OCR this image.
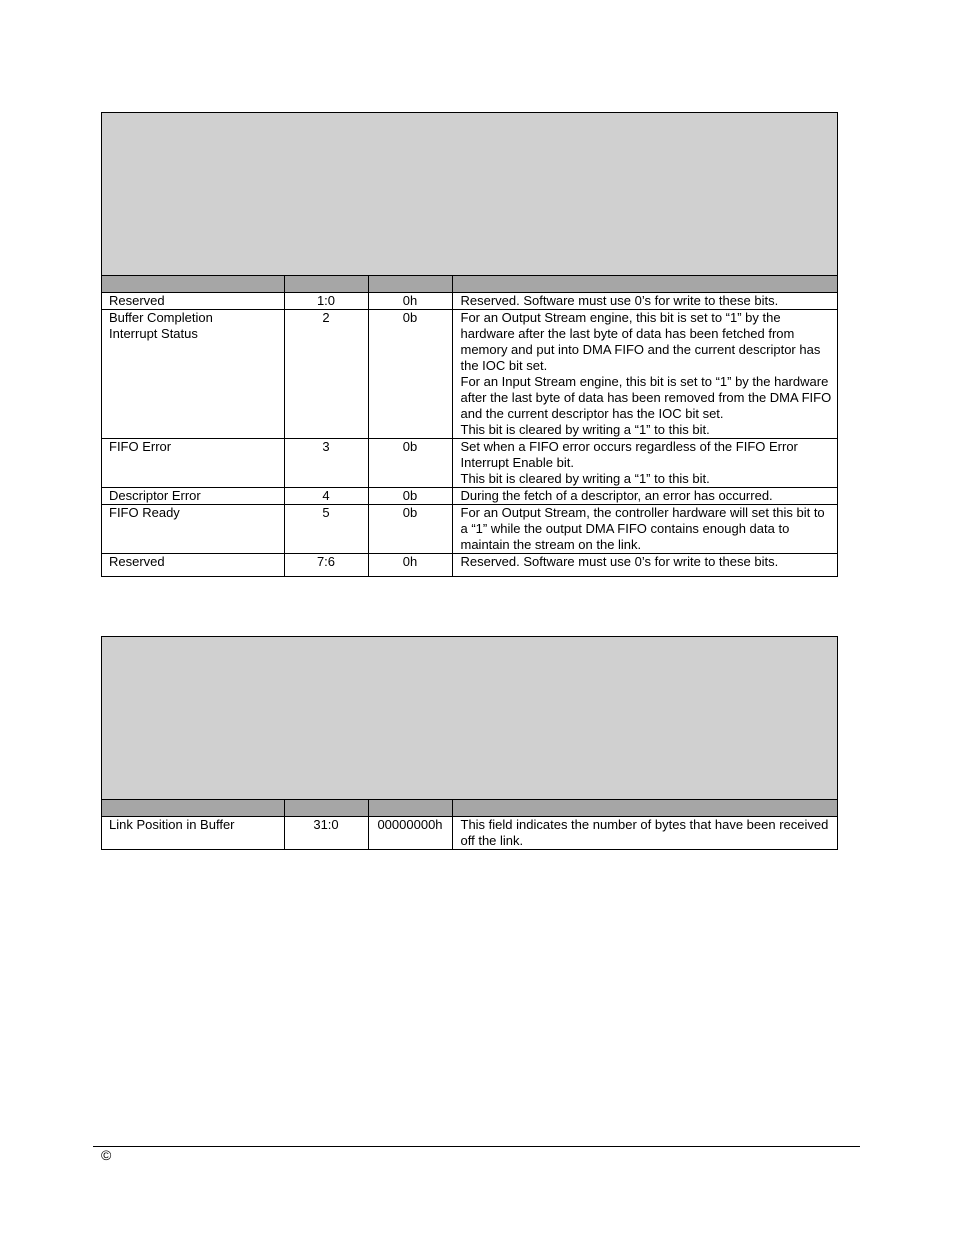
Reserved	1:0	0h	Reserved. Software must use 0’s for write to these bits.

Buffer Completion Interrupt Status	2	0b	For an Output Stream engine, this bit is set to “1” by the hardware after the last byte of data has been fetched from memory and put into DMA FIFO and the current descriptor has the IOC bit set.
For an Input Stream engine, this bit is set to “1” by the hardware after the last byte of data has been removed from the DMA FIFO and the current descriptor has the IOC bit set.
This bit is cleared by writing a “1” to this bit.

FIFO Error	3	0b	Set when a FIFO error occurs regardless of the FIFO Error Interrupt Enable bit.
This bit is cleared by writing a “1” to this bit.

Descriptor Error	4	0b	During the fetch of a descriptor, an error has occurred.

FIFO Ready	5	0b	For an Output Stream, the controller hardware will set this bit to a “1” while the output DMA FIFO contains enough data to maintain the stream on the link.

Reserved	7:6	0h	Reserved. Software must use 0’s for write to these bits.

Link Position in Buffer	31:0	00000000h	This field indicates the number of bytes that have been received off the link.
©
